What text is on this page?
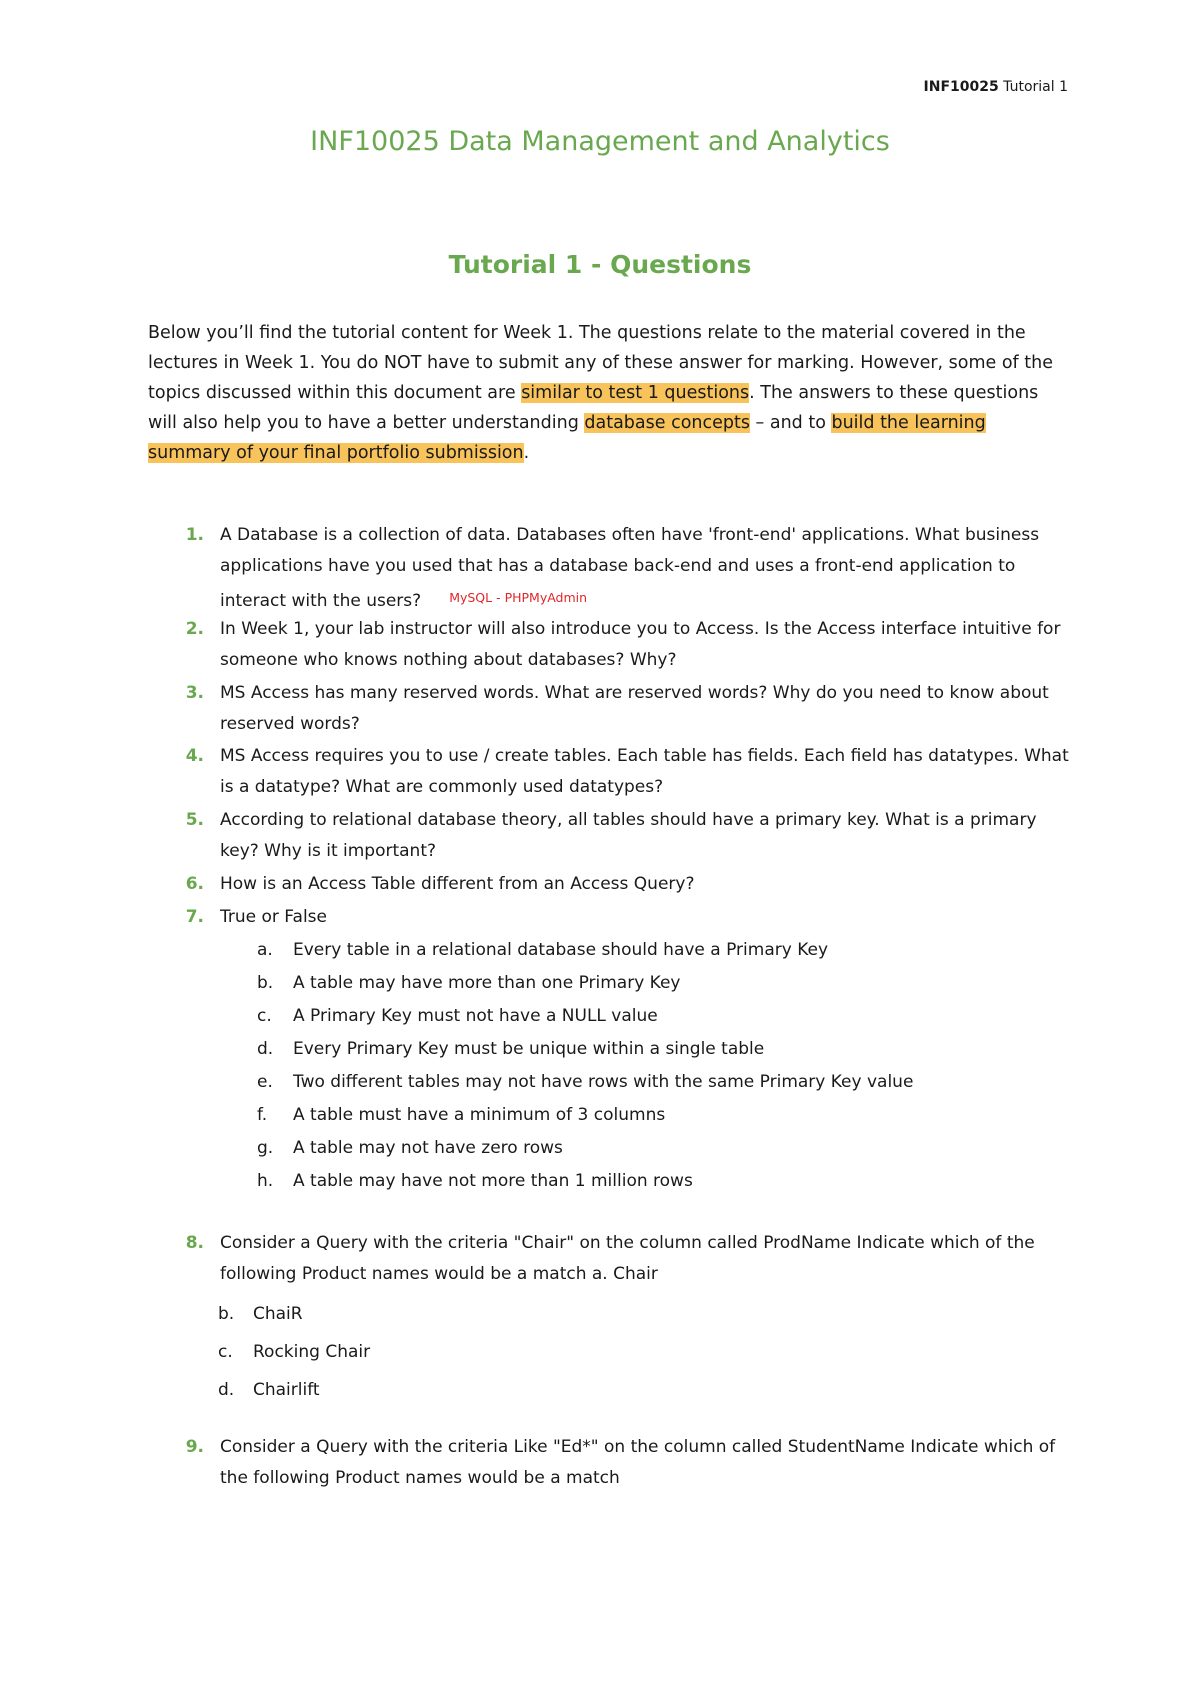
INF10025 Tutorial 1
INF10025 Data Management and Analytics
Tutorial 1 - Questions
Below you’ll find the tutorial content for Week 1. The questions relate to the material covered in the lectures in Week 1. You do NOT have to submit any of these answer for marking. However, some of the topics discussed within this document are similar to test 1 questions. The answers to these questions will also help you to have a better understanding database concepts – and to build the learning summary of your final portfolio submission.
1. A Database is a collection of data. Databases often have 'front-end' applications. What business applications have you used that has a database back-end and uses a front-end application to interact with the users? MySQL - PHPMyAdmin
2. In Week 1, your lab instructor will also introduce you to Access. Is the Access interface intuitive for someone who knows nothing about databases? Why?
3. MS Access has many reserved words. What are reserved words? Why do you need to know about reserved words?
4. MS Access requires you to use / create tables. Each table has fields. Each field has datatypes. What is a datatype? What are commonly used datatypes?
5. According to relational database theory, all tables should have a primary key. What is a primary key? Why is it important?
6. How is an Access Table different from an Access Query?
7. True or False
a. Every table in a relational database should have a Primary Key
b. A table may have more than one Primary Key
c. A Primary Key must not have a NULL value
d. Every Primary Key must be unique within a single table
e. Two different tables may not have rows with the same Primary Key value
f. A table must have a minimum of 3 columns
g. A table may not have zero rows
h. A table may have not more than 1 million rows
8. Consider a Query with the criteria "Chair" on the column called ProdName Indicate which of the following Product names would be a match a. Chair
b. ChaiR
c. Rocking Chair
d. Chairlift
9. Consider a Query with the criteria Like "Ed*" on the column called StudentName Indicate which of the following Product names would be a match
